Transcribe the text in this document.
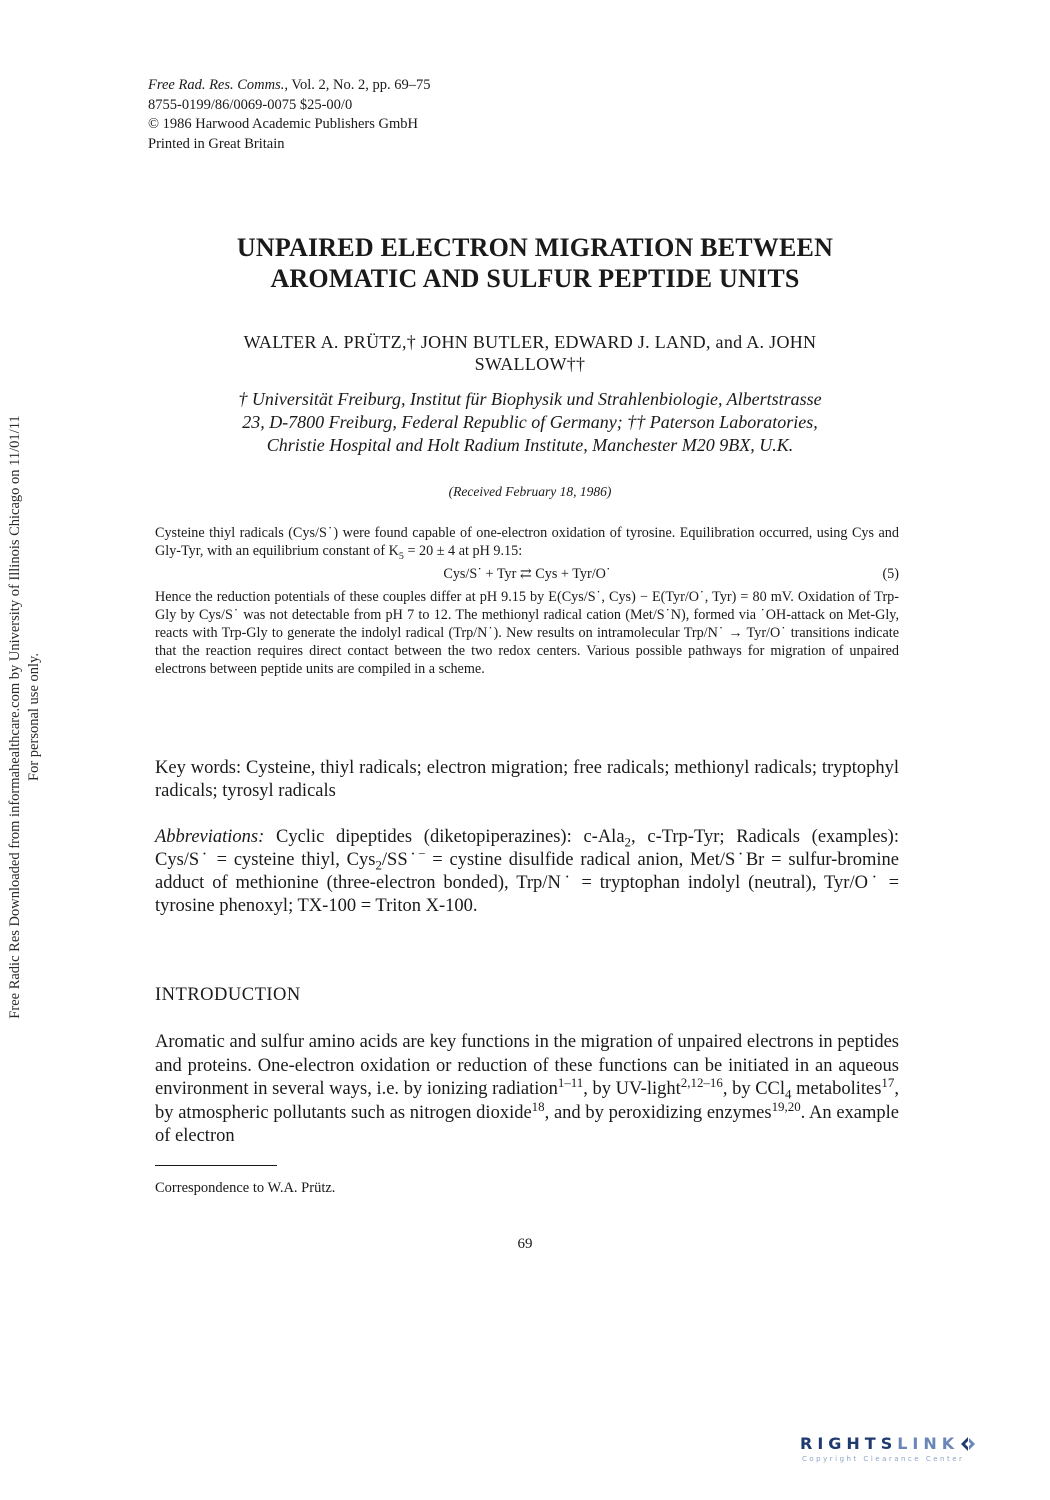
Free Rad. Res. Comms., Vol. 2, No. 2, pp. 69–75
8755-0199/86/0069-0075 $25-00/0
© 1986 Harwood Academic Publishers GmbH
Printed in Great Britain
UNPAIRED ELECTRON MIGRATION BETWEEN
AROMATIC AND SULFUR PEPTIDE UNITS
WALTER A. PRÜTZ,† JOHN BUTLER, EDWARD J. LAND, and A. JOHN
SWALLOW††
† Universität Freiburg, Institut für Biophysik und Strahlenbiologie, Albertstrasse
23, D-7800 Freiburg, Federal Republic of Germany; †† Paterson Laboratories,
Christie Hospital and Holt Radium Institute, Manchester M20 9BX, U.K.
(Received February 18, 1986)

Cysteine thiyl radicals (Cys/S˙) were found capable of one-electron oxidation of tyrosine. Equilibration occurred, using Cys and Gly-Tyr, with an equilibrium constant of $K_5 = 20 \pm 4$ at pH 9.15:

Cys/S˙ + Tyr ⇄ Cys + Tyr/O˙	(5)

Hence the reduction potentials of these couples differ at pH 9.15 by E(Cys/S˙, Cys) − E(Tyr/O˙, Tyr) = 80 mV. Oxidation of Trp-Gly by Cys/S˙ was not detectable from pH 7 to 12. The methionyl radical cation (Met/S˙N), formed via ˙OH-attack on Met-Gly, reacts with Trp-Gly to generate the indolyl radical (Trp/N˙). New results on intramolecular Trp/N˙ → Tyr/O˙ transitions indicate that the reaction requires direct contact between the two redox centers. Various possible pathways for migration of unpaired electrons between peptide units are compiled in a scheme.

Key words: Cysteine, thiyl radicals; electron migration; free radicals; methionyl radicals; tryptophyl radicals; tyrosyl radicals
Abbreviations: Cyclic dipeptides (diketopiperazines): c-Ala$_2$, c-Trp-Tyr; Radicals (examples): Cys/S˙ = cysteine thiyl, Cys$_2$/SS˙− = cystine disulfide radical anion, Met/S˙Br = sulfur-bromine adduct of methionine (three-electron bonded), Trp/N˙ = tryptophan indolyl (neutral), Tyr/O˙ = tyrosine phenoxyl; TX-100 = Triton X-100.
INTRODUCTION
Aromatic and sulfur amino acids are key functions in the migration of unpaired electrons in peptides and proteins. One-electron oxidation or reduction of these functions can be initiated in an aqueous environment in several ways, i.e. by ionizing radiation$^{1-11}$, by UV-light$^{2,12-16}$, by CCl$_4$ metabolites$^{17}$, by atmospheric pollutants such as nitrogen dioxide$^{18}$, and by peroxidizing enzymes$^{19,20}$. An example of electron
Correspondence to W.A. Prütz.
69
Free Radic Res Downloaded from informahealthcare.com by University of Illinois Chicago on 11/01/11 For personal use only.
RIGHTSLINK
Copyright Clearance Center
